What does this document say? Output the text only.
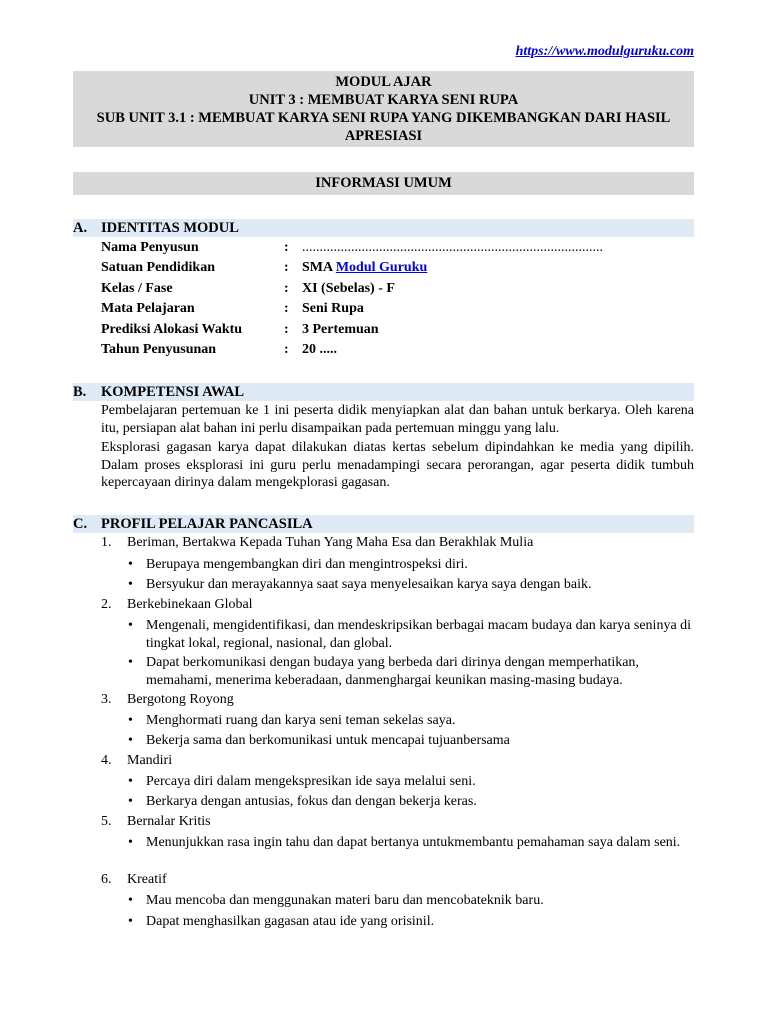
https://www.modulguruku.com
MODUL AJAR
UNIT 3 : MEMBUAT KARYA SENI RUPA
SUB UNIT 3.1 : MEMBUAT KARYA SENI RUPA YANG DIKEMBANGKAN DARI HASIL
APRESIASI
INFORMASI UMUM
A. IDENTITAS MODUL
Nama Penyusun	: ......................................................................................
Satuan Pendidikan	: SMA Modul Guruku
Kelas / Fase	: XI (Sebelas) - F
Mata Pelajaran	: Seni Rupa
Prediksi Alokasi Waktu	: 3 Pertemuan
Tahun Penyusunan	: 20 .....
B. KOMPETENSI AWAL
Pembelajaran pertemuan ke 1 ini peserta didik menyiapkan alat dan bahan untuk berkarya. Oleh karena itu, persiapan alat bahan ini perlu disampaikan pada pertemuan minggu yang lalu.
Eksplorasi gagasan karya dapat dilakukan diatas kertas sebelum dipindahkan ke media yang dipilih. Dalam proses eksplorasi ini guru perlu menadampingi secara perorangan, agar peserta didik tumbuh kepercayaan dirinya dalam mengekplorasi gagasan.
C. PROFIL PELAJAR PANCASILA
1. Beriman, Bertakwa Kepada Tuhan Yang Maha Esa dan Berakhlak Mulia
• Berupaya mengembangkan diri dan mengintrospeksi diri.
• Bersyukur dan merayakannya saat saya menyelesaikan karya saya dengan baik.
2. Berkebinekaan Global
• Mengenali, mengidentifikasi, dan mendeskripsikan berbagai macam budaya dan karya seninya di tingkat lokal, regional, nasional, dan global.
• Dapat berkomunikasi dengan budaya yang berbeda dari dirinya dengan memperhatikan, memahami, menerima keberadaan, danmenghargai keunikan masing-masing budaya.
3. Bergotong Royong
• Menghormati ruang dan karya seni teman sekelas saya.
• Bekerja sama dan berkomunikasi untuk mencapai tujuanbersama
4. Mandiri
• Percaya diri dalam mengekspresikan ide saya melalui seni.
• Berkarya dengan antusias, fokus dan dengan bekerja keras.
5. Bernalar Kritis
• Menunjukkan rasa ingin tahu dan dapat bertanya untukmembantu pemahaman saya dalam seni.
6. Kreatif
• Mau mencoba dan menggunakan materi baru dan mencobateknik baru.
• Dapat menghasilkan gagasan atau ide yang orisinil.
